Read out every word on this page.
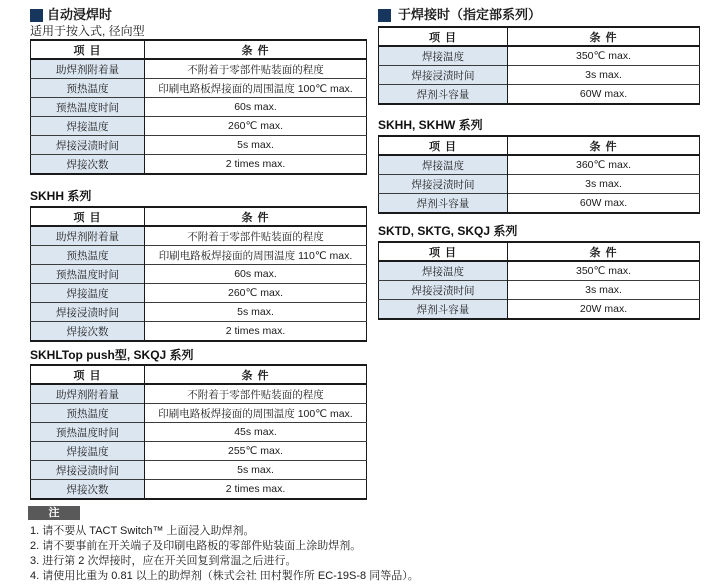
自动浸焊时
适用于按入式, 径向型
项 目	条 件
助焊剂附着量	不附着于零部件贴装面的程度
预热温度	印刷电路板焊接面的周围温度 100℃ max.
预热温度时间	60s max.
焊接温度	260℃ max.
焊接浸渍时间	5s max.
焊接次数	2 times max.
SKHH 系列
项 目	条 件
助焊剂附着量	不附着于零部件贴装面的程度
预热温度	印刷电路板焊接面的周围温度 110℃ max.
预热温度时间	60s max.
焊接温度	260℃ max.
焊接浸渍时间	5s max.
焊接次数	2 times max.
SKHLTop push型, SKQJ 系列
项 目	条 件
助焊剂附着量	不附着于零部件贴装面的程度
预热温度	印刷电路板焊接面的周围温度 100℃ max.
预热温度时间	45s max.
焊接温度	255℃ max.
焊接浸渍时间	5s max.
焊接次数	2 times max.
于焊接时（指定部系列）
项 目	条 件
焊接温度	350℃ max.
焊接浸渍时间	3s max.
焊剂斗容量	60W max.
SKHH, SKHW 系列
项 目	条 件
焊接温度	360℃ max.
焊接浸渍时间	3s max.
焊剂斗容量	60W max.
SKTD, SKTG, SKQJ 系列
项 目	条 件
焊接温度	350℃ max.
焊接浸渍时间	3s max.
焊剂斗容量	20W max.
注
1. 请不要从 TACT Switch™ 上面浸入助焊剂。
2. 请不要事前在开关端子及印刷电路板的零部件贴装面上涂助焊剂。
3. 进行第 2 次焊接时，应在开关回复到常温之后进行。
4. 请使用比重为 0.81 以上的助焊剂（株式会社 田村製作所 EC-19S-8 同等品）。
